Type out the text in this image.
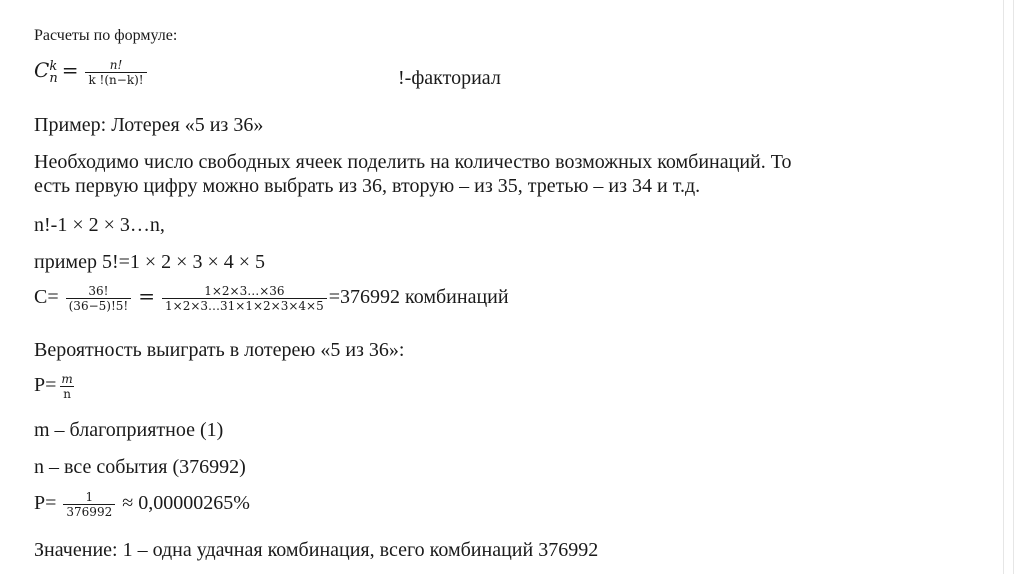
Расчеты по формуле:
C k
$n = \frac{n!}{k !(n-k)!}$	!-факториал
Пример: Лотерея «5 из 36»
Необходимо число свободных ячеек поделить на количество возможных комбинаций. То
есть первую цифру можно выбрать из 36, вторую – из 35, третью – из 34 и т.д.
n!-1 × 2 × 3…n,
пример 5!=1 × 2 × 3 × 4 × 5
$C= \frac{36!}{(36-5)!5!} = \frac{1\times 2\times 3\dots\times 36}{1\times 2\times 3\dots 31\times 1\times 2\times 3\times 4\times 5} =376992$ комбинаций
Вероятность выиграть в лотерею «5 из 36»:
$P= \frac{m}{n}$
m – благоприятное (1)
n – все события (376992)
$P= \frac{1}{376992} \approx 0,00000265\%$
Значение: 1 – одна удачная комбинация, всего комбинаций 376992
